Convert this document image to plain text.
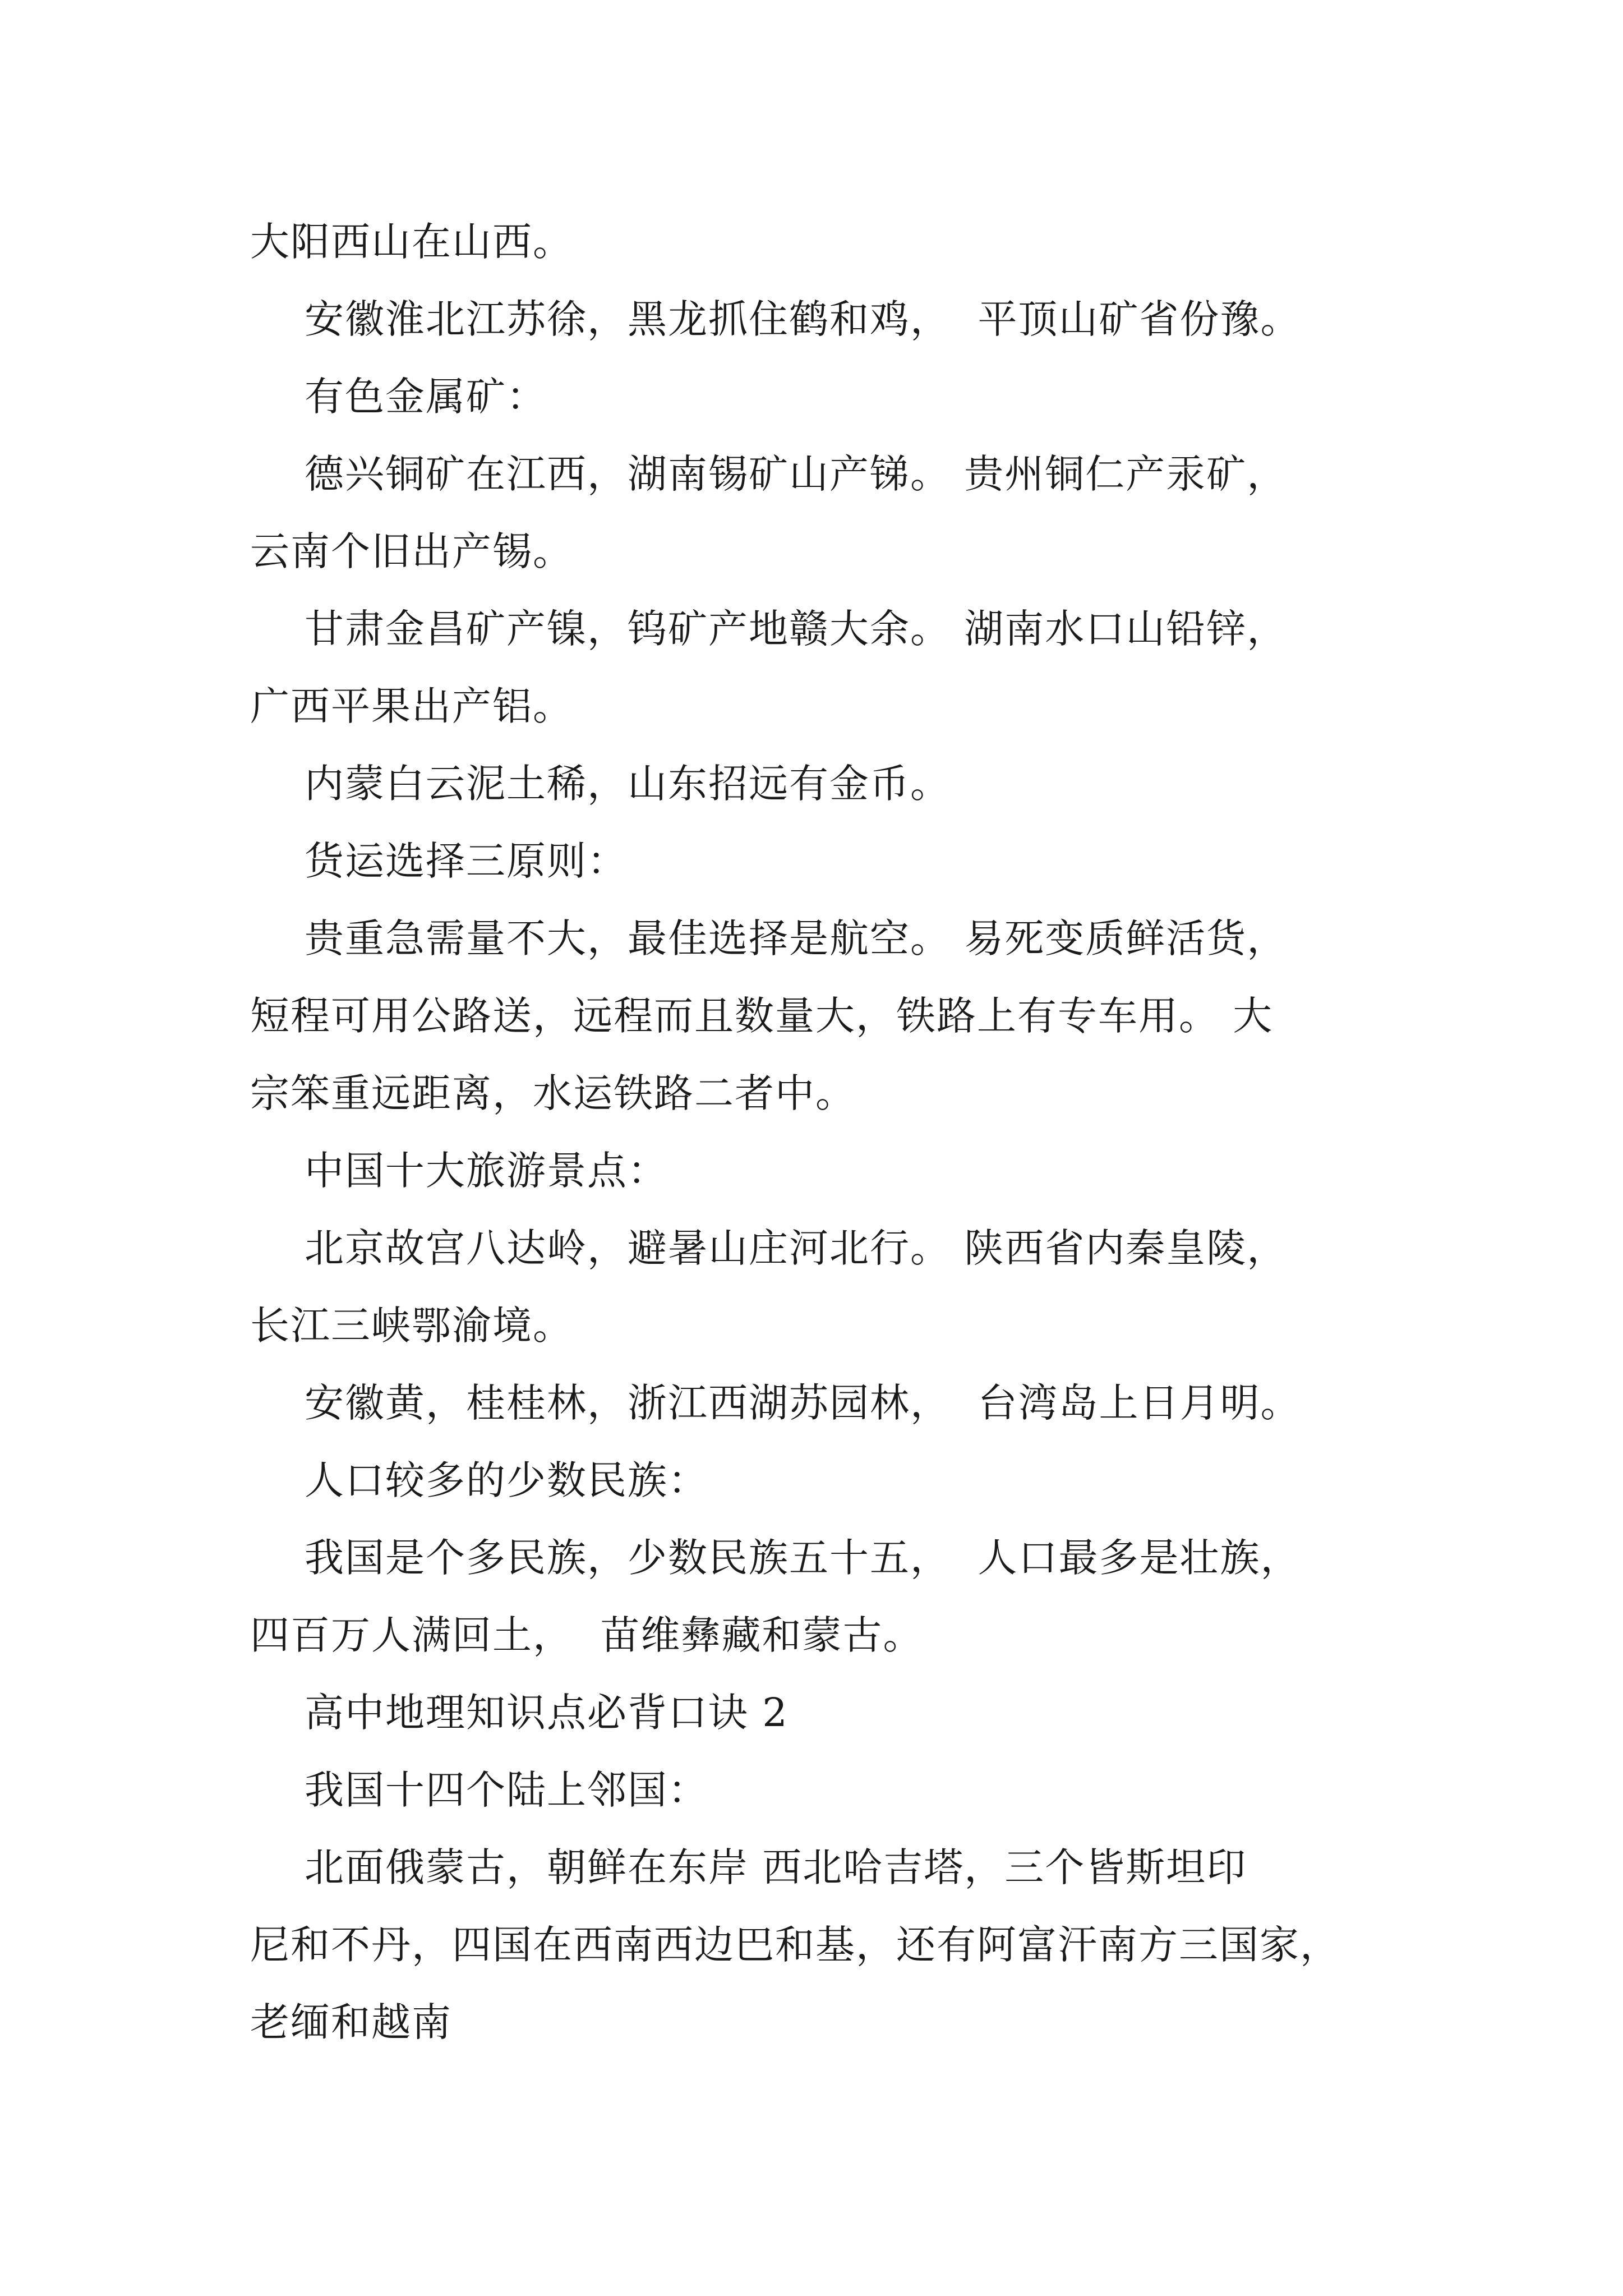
大阳西山在山西。
安徽淮北江苏徐，黑龙抓住鹤和鸡，  平顶山矿省份豫。
有色金属矿：
德兴铜矿在江西，湖南锡矿山产锑。 贵州铜仁产汞矿，
云南个旧出产锡。
甘肃金昌矿产镍，钨矿产地赣大余。 湖南水口山铅锌，
广西平果出产铝。
内蒙白云泥土稀，山东招远有金币。
货运选择三原则：
贵重急需量不大，最佳选择是航空。 易死变质鲜活货，
短程可用公路送，远程而且数量大，铁路上有专车用。 大
宗笨重远距离，水运铁路二者中。
中国十大旅游景点：
北京故宫八达岭，避暑山庄河北行。 陕西省内秦皇陵，
长江三峡鄂渝境。
安徽黄，桂桂林，浙江西湖苏园林，  台湾岛上日月明。
人口较多的少数民族：
我国是个多民族，少数民族五十五，  人口最多是壮族，
四百万人满回土，  苗维彝藏和蒙古。
高中地理知识点必背口诀 2
我国十四个陆上邻国：
北面俄蒙古，朝鲜在东岸 西北哈吉塔，三个皆斯坦印
尼和不丹，四国在西南西边巴和基，还有阿富汗南方三国家，
老缅和越南
